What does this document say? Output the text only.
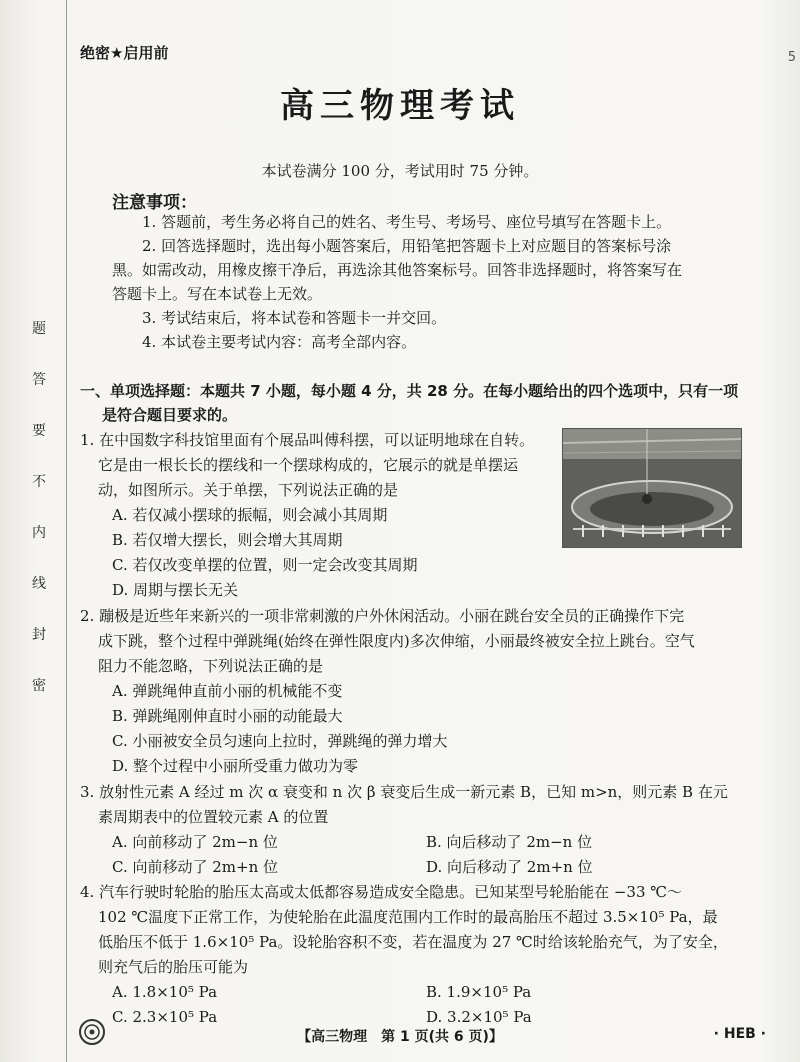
题
答
要
不
内
线
封
密
5
绝密★启用前
高三物理考试
本试卷满分 100 分，考试用时 75 分钟。
注意事项：

1. 答题前，考生务必将自己的姓名、考生号、考场号、座位号填写在答题卡上。

2. 回答选择题时，选出每小题答案后，用铅笔把答题卡上对应题目的答案标号涂

黑。如需改动，用橡皮擦干净后，再选涂其他答案标号。回答非选择题时，将答案写在

答题卡上。写在本试卷上无效。

3. 考试结束后，将本试卷和答题卡一并交回。

4. 本试卷主要考试内容：高考全部内容。

一、单项选择题：本题共 7 小题，每小题 4 分，共 28 分。在每小题给出的四个选项中，只有一项
是符合题目要求的。

1. 在中国数字科技馆里面有个展品叫傅科摆，可以证明地球在自转。

它是由一根长长的摆线和一个摆球构成的，它展示的就是单摆运

动，如图所示。关于单摆，下列说法正确的是

A. 若仅减小摆球的振幅，则会减小其周期

B. 若仅增大摆长，则会增大其周期

C. 若仅改变单摆的位置，则一定会改变其周期

D. 周期与摆长无关

2. 蹦极是近些年来新兴的一项非常刺激的户外休闲活动。小丽在跳台安全员的正确操作下完

成下跳，整个过程中弹跳绳(始终在弹性限度内)多次伸缩，小丽最终被安全拉上跳台。空气

阻力不能忽略，下列说法正确的是

A. 弹跳绳伸直前小丽的机械能不变

B. 弹跳绳刚伸直时小丽的动能最大

C. 小丽被安全员匀速向上拉时，弹跳绳的弹力增大

D. 整个过程中小丽所受重力做功为零

3. 放射性元素 A 经过 m 次 α 衰变和 n 次 β 衰变后生成一新元素 B，已知 m>n，则元素 B 在元

素周期表中的位置较元素 A 的位置

A. 向前移动了 2m−n 位	B. 向后移动了 2m−n 位

C. 向前移动了 2m+n 位	D. 向后移动了 2m+n 位

4. 汽车行驶时轮胎的胎压太高或太低都容易造成安全隐患。已知某型号轮胎能在 −33 ℃～

102 ℃温度下正常工作，为使轮胎在此温度范围内工作时的最高胎压不超过 3.5×10⁵ Pa，最

低胎压不低于 1.6×10⁵ Pa。设轮胎容积不变，若在温度为 27 ℃时给该轮胎充气，为了安全，

则充气后的胎压可能为

A. 1.8×10⁵ Pa	B. 1.9×10⁵ Pa

C. 2.3×10⁵ Pa	D. 3.2×10⁵ Pa

【高三物理　第 1 页(共 6 页)】	· HEB ·
